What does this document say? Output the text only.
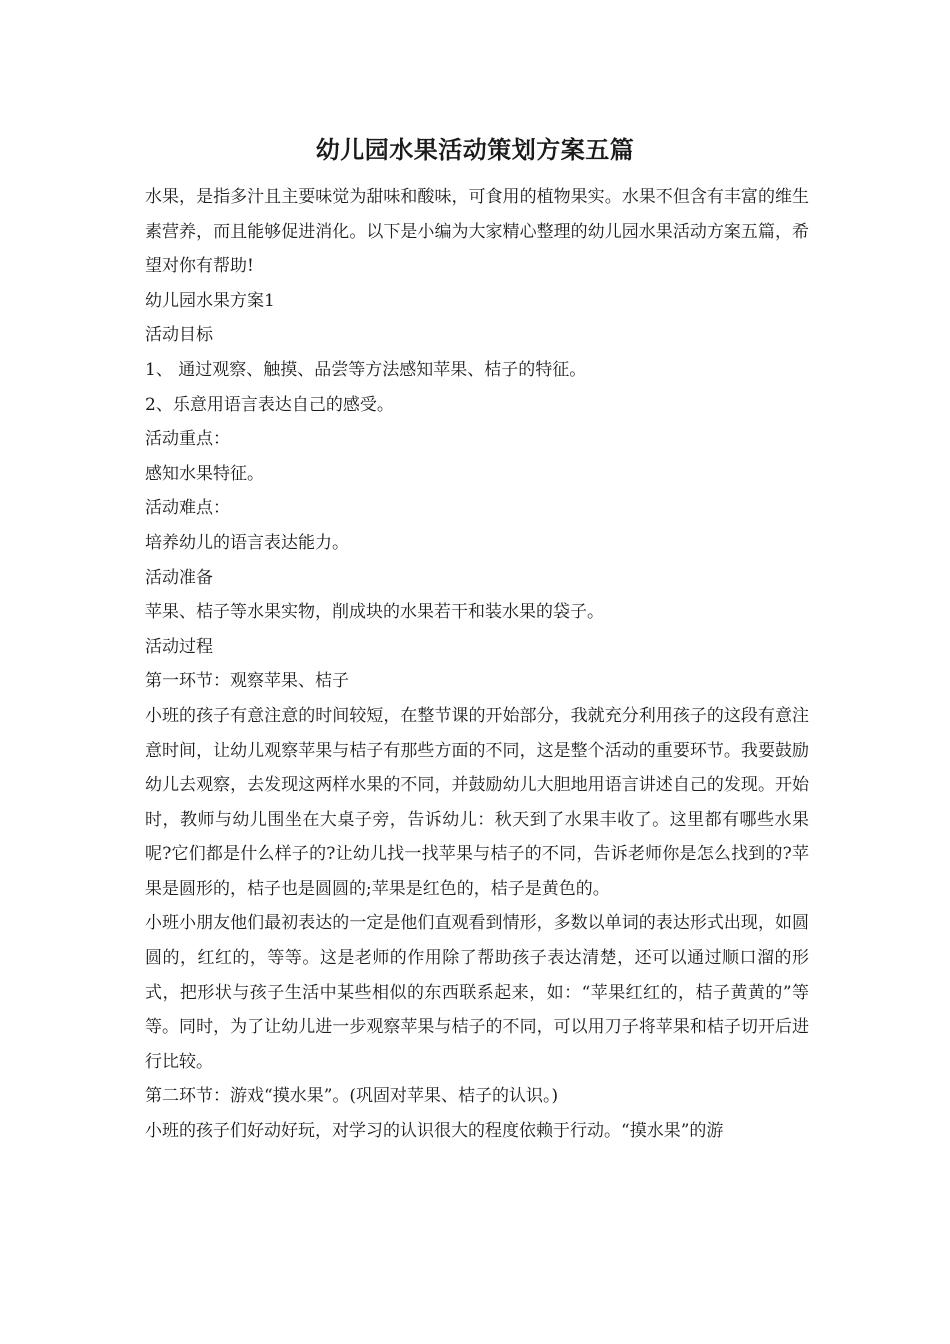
幼儿园水果活动策划方案五篇

水果，是指多汁且主要味觉为甜味和酸味，可食用的植物果实。水果不但含有丰富的维生素营养，而且能够促进消化。以下是小编为大家精心整理的幼儿园水果活动方案五篇，希望对你有帮助!

幼儿园水果方案1

活动目标

1、 通过观察、触摸、品尝等方法感知苹果、桔子的特征。

2、乐意用语言表达自己的感受。

活动重点：

感知水果特征。

活动难点：

培养幼儿的语言表达能力。

活动准备

苹果、桔子等水果实物，削成块的水果若干和装水果的袋子。

活动过程

第一环节：观察苹果、桔子

小班的孩子有意注意的时间较短，在整节课的开始部分，我就充分利用孩子的这段有意注意时间，让幼儿观察苹果与桔子有那些方面的不同，这是整个活动的重要环节。我要鼓励幼儿去观察，去发现这两样水果的不同，并鼓励幼儿大胆地用语言讲述自己的发现。开始时，教师与幼儿围坐在大桌子旁，告诉幼儿：秋天到了水果丰收了。这里都有哪些水果呢?它们都是什么样子的?让幼儿找一找苹果与桔子的不同，告诉老师你是怎么找到的?苹果是圆形的，桔子也是圆圆的;苹果是红色的，桔子是黄色的。

小班小朋友他们最初表达的一定是他们直观看到情形，多数以单词的表达形式出现，如圆圆的，红红的，等等。这是老师的作用除了帮助孩子表达清楚，还可以通过顺口溜的形式，把形状与孩子生活中某些相似的东西联系起来，如：“苹果红红的，桔子黄黄的”等等。同时，为了让幼儿进一步观察苹果与桔子的不同，可以用刀子将苹果和桔子切开后进行比较。

第二环节：游戏“摸水果”。(巩固对苹果、桔子的认识。)

小班的孩子们好动好玩，对学习的认识很大的程度依赖于行动。“摸水果”的游
